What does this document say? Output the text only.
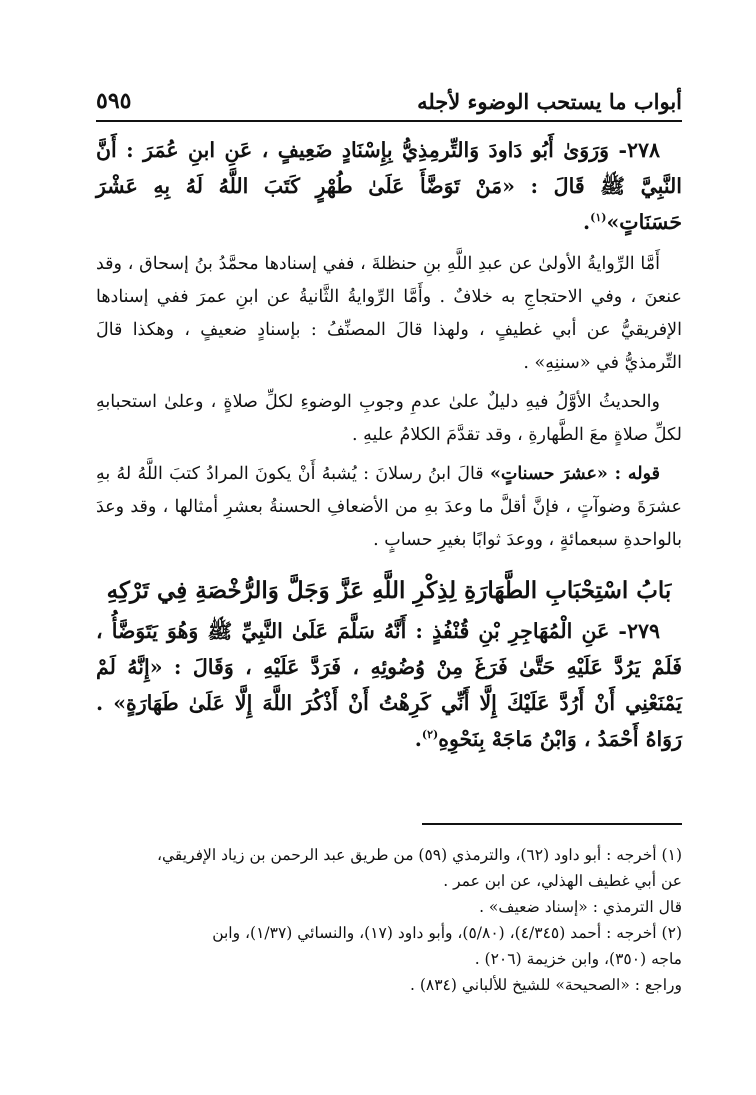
أبواب ما يستحب الوضوء لأجله
٥٩٥

٢٧٨- وَرَوَىٰ أَبُو دَاودَ وَالتِّرمِذِيُّ بِإِسْنَادٍ ضَعِيفٍ ، عَنِ ابنِ عُمَرَ : أَنَّ النَّبِيَّ ﷺ قَالَ : «مَنْ تَوَضَّأَ عَلَىٰ طُهْرٍ كَتَبَ اللَّهُ لَهُ بِهِ عَشْرَ حَسَنَاتٍ»$^{(١)}$.

أَمَّا الرِّوايةُ الأولىٰ عن عبدِ اللَّهِ بنِ حنظلةَ ، ففي إسنادها محمَّدُ بنُ إسحاق ، وقد عنعنَ ، وفي الاحتجاجِ به خلافٌ . وأَمَّا الرِّوايةُ الثَّانيةُ عن ابنِ عمرَ ففي إسنادها الإفريقيُّ عن أبي غطيفٍ ، ولهذا قالَ المصنِّفُ : بإسنادٍ ضعيفٍ ، وهكذا قالَ التِّرمذيُّ في «سننِهِ» .

والحديثُ الأوَّلُ فيهِ دليلٌ علىٰ عدمِ وجوبِ الوضوءِ لكلِّ صلاةٍ ، وعلىٰ استحبابهِ لكلِّ صلاةٍ معَ الطَّهارةِ ، وقد تقدَّمَ الكلامُ عليهِ .

قوله : «عشرَ حسناتٍ» قالَ ابنُ رسلانَ : يُشبهُ أَنْ يكونَ المرادُ كتبَ اللَّهُ لهُ بهِ عشرَةَ وضوآتٍ ، فإنَّ أقلَّ ما وعدَ بهِ من الأضعافِ الحسنةُ بعشرِ أمثالها ، وقد وعدَ بالواحدةِ سبعمائةٍ ، ووعدَ ثوابًا بغيرِ حسابٍ .

بَابُ اسْتِحْبَابِ الطَّهَارَةِ لِذِكْرِ اللَّهِ عَزَّ وَجَلَّ وَالرُّخْصَةِ فِي تَرْكِهِ

٢٧٩- عَنِ الْمُهَاجِرِ بْنِ قُنْفُذٍ : أَنَّهُ سَلَّمَ عَلَىٰ النَّبِيِّ ﷺ وَهُوَ يَتَوَضَّأُ ، فَلَمْ يَرُدَّ عَلَيْهِ حَتَّىٰ فَرَغَ مِنْ وُضُوئِهِ ، فَرَدَّ عَلَيْهِ ، وَقَالَ : «إِنَّهُ لَمْ يَمْنَعْنِي أَنْ أَرُدَّ عَلَيْكَ إِلَّا أَنِّي كَرِهْتُ أَنْ أَذْكُرَ اللَّهَ إِلَّا عَلَىٰ طَهَارَةٍ» . رَوَاهُ أَحْمَدُ ، وَابْنُ مَاجَهْ بِنَحْوِهِ$^{(٢)}$.

(١) أخرجه : أبو داود (٦٢)، والترمذي (٥٩) من طريق عبد الرحمن بن زياد الإفريقي،

عن أبي غطيف الهذلي، عن ابن عمر .

قال الترمذي : «إسناد ضعيف» .

(٢) أخرجه : أحمد (٤/٣٤٥)، (٥/٨٠)، وأبو داود (١٧)، والنسائي (١/٣٧)، وابن

ماجه (٣٥٠)، وابن خزيمة (٢٠٦) .

وراجع : «الصحيحة» للشيخ للألباني (٨٣٤) .
